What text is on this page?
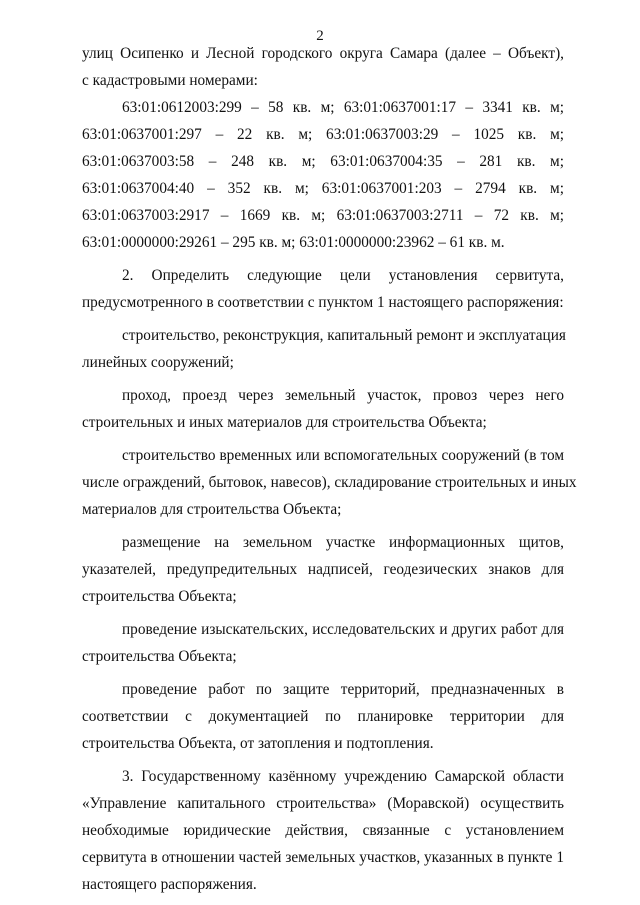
2
улиц Осипенко и Лесной городского округа Самара (далее – Объект),
с кадастровыми номерами:
63:01:0612003:299 – 58 кв. м; 63:01:0637001:17 – 3341 кв. м;
63:01:0637001:297 – 22 кв. м; 63:01:0637003:29 – 1025 кв. м;
63:01:0637003:58 – 248 кв. м; 63:01:0637004:35 – 281 кв. м;
63:01:0637004:40 – 352 кв. м; 63:01:0637001:203 – 2794 кв. м;
63:01:0637003:2917 – 1669 кв. м; 63:01:0637003:2711 – 72 кв. м;
63:01:0000000:29261 – 295 кв. м; 63:01:0000000:23962 – 61 кв. м.
2. Определить следующие цели установления сервитута,
предусмотренного в соответствии с пунктом 1 настоящего распоряжения:
строительство, реконструкция, капитальный ремонт и эксплуатация
линейных сооружений;
проход, проезд через земельный участок, провоз через него
строительных и иных материалов для строительства Объекта;
строительство временных или вспомогательных сооружений (в том
числе ограждений, бытовок, навесов), складирование строительных и иных
материалов для строительства Объекта;
размещение на земельном участке информационных щитов,
указателей, предупредительных надписей, геодезических знаков для
строительства Объекта;
проведение изыскательских, исследовательских и других работ для
строительства Объекта;
проведение работ по защите территорий, предназначенных в
соответствии с документацией по планировке территории для
строительства Объекта, от затопления и подтопления.
3. Государственному казённому учреждению Самарской области
«Управление капитального строительства» (Моравской) осуществить
необходимые юридические действия, связанные с установлением
сервитута в отношении частей земельных участков, указанных в пункте 1
настоящего распоряжения.
